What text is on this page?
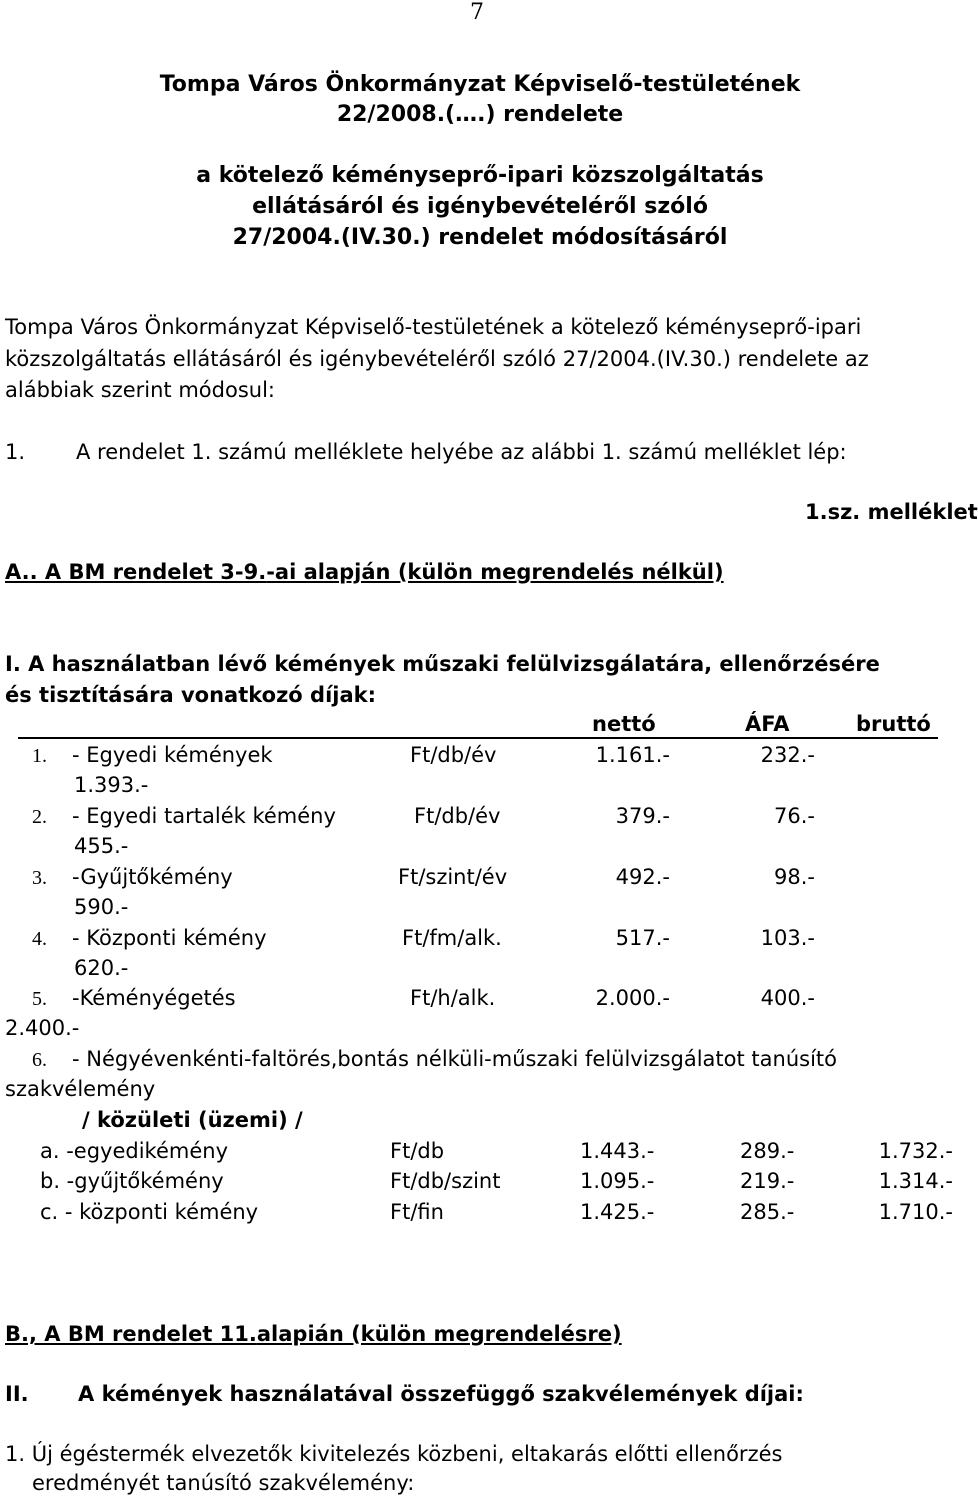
7
Tompa Város Önkormányzat Képviselő-testületének
22/2008.(….) rendelete
a kötelező kéményseprő-ipari közszolgáltatás
ellátásáról és igénybevételéről szóló
27/2004.(IV.30.) rendelet módosításáról
Tompa Város Önkormányzat Képviselő-testületének a kötelező kéményseprő-ipari
közszolgáltatás ellátásáról és igénybevételéről szóló 27/2004.(IV.30.) rendelete az
alábbiak szerint módosul:
1. A rendelet 1. számú melléklete helyébe az alábbi 1. számú melléklet lép:
1.sz. melléklet
A.. A BM rendelet 3-9.-ai alapján (külön megrendelés nélkül)
I. A használatban lévő kémények műszaki felülvizsgálatára, ellenőrzésére
és tisztítására vonatkozó díjak:
nettó	ÁFA	bruttó
1. - Egyedi kémények	Ft/db/év	1.161.-	232.-
1.393.-
2. - Egyedi tartalék kémény	Ft/db/év	379.-	76.-
455.-
3. -Gyűjtőkémény	Ft/szint/év	492.-	98.-
590.-
4. - Központi kémény	Ft/fm/alk.	517.-	103.-
620.-
5. -Kéményégetés	Ft/h/alk.	2.000.-	400.-
2.400.-
6. - Négyévenkénti-faltörés,bontás nélküli-műszaki felülvizsgálatot tanúsító
szakvélemény
/ közületi (üzemi) /
a. -egyedikémény	Ft/db	1.443.-	289.-	1.732.-
b. -gyűjtőkémény	Ft/db/szint	1.095.-	219.-	1.314.-
c. - központi kémény	Ft/fin	1.425.-	285.-	1.710.-
B., A BM rendelet 11.alapián (külön megrendelésre)
II. A kémények használatával összefüggő szakvélemények díjai:
1. Új égéstermék elvezetők kivitelezés közbeni, eltakarás előtti ellenőrzés
eredményét tanúsító szakvélemény:
